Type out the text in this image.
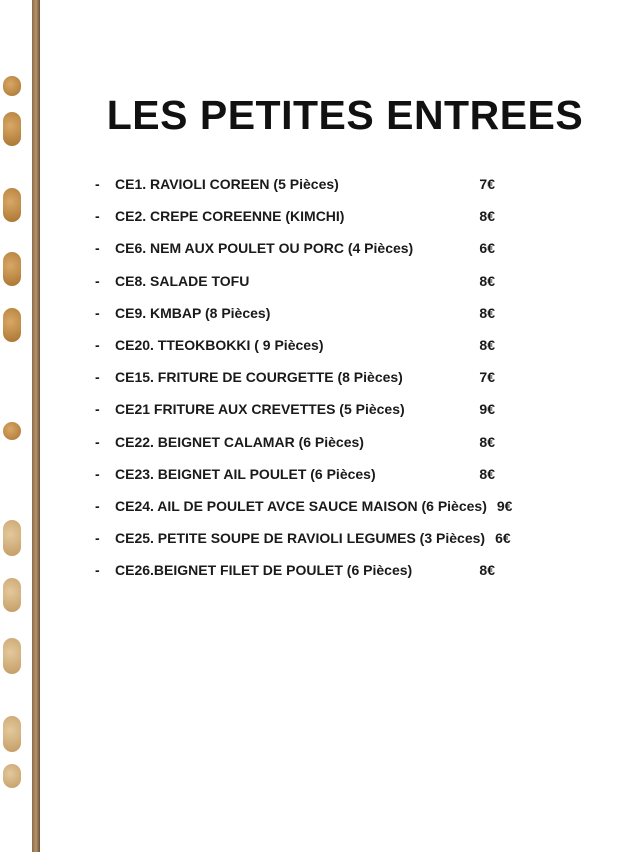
LES PETITES ENTREES
-	CE1. RAVIOLI COREEN (5 Pièces)	7€
-	CE2. CREPE COREENNE (KIMCHI)	8€
-	CE6. NEM AUX POULET OU PORC (4 Pièces)	6€
-	CE8. SALADE TOFU	8€
-	CE9. KMBAP (8 Pièces)	8€
-	CE20. TTEOKBOKKI ( 9 Pièces)	8€
-	CE15. FRITURE DE COURGETTE (8 Pièces)	7€
-	CE21 FRITURE AUX CREVETTES (5 Pièces)	9€
-	CE22. BEIGNET CALAMAR (6 Pièces)	8€
-	CE23. BEIGNET AIL POULET (6 Pièces)	8€
-	CE24. AIL DE POULET AVCE SAUCE MAISON (6 Pièces) 9€
-	CE25. PETITE SOUPE DE RAVIOLI LEGUMES (3 Pièces) 6€
-	CE26.BEIGNET FILET DE POULET (6 Pièces)	8€
